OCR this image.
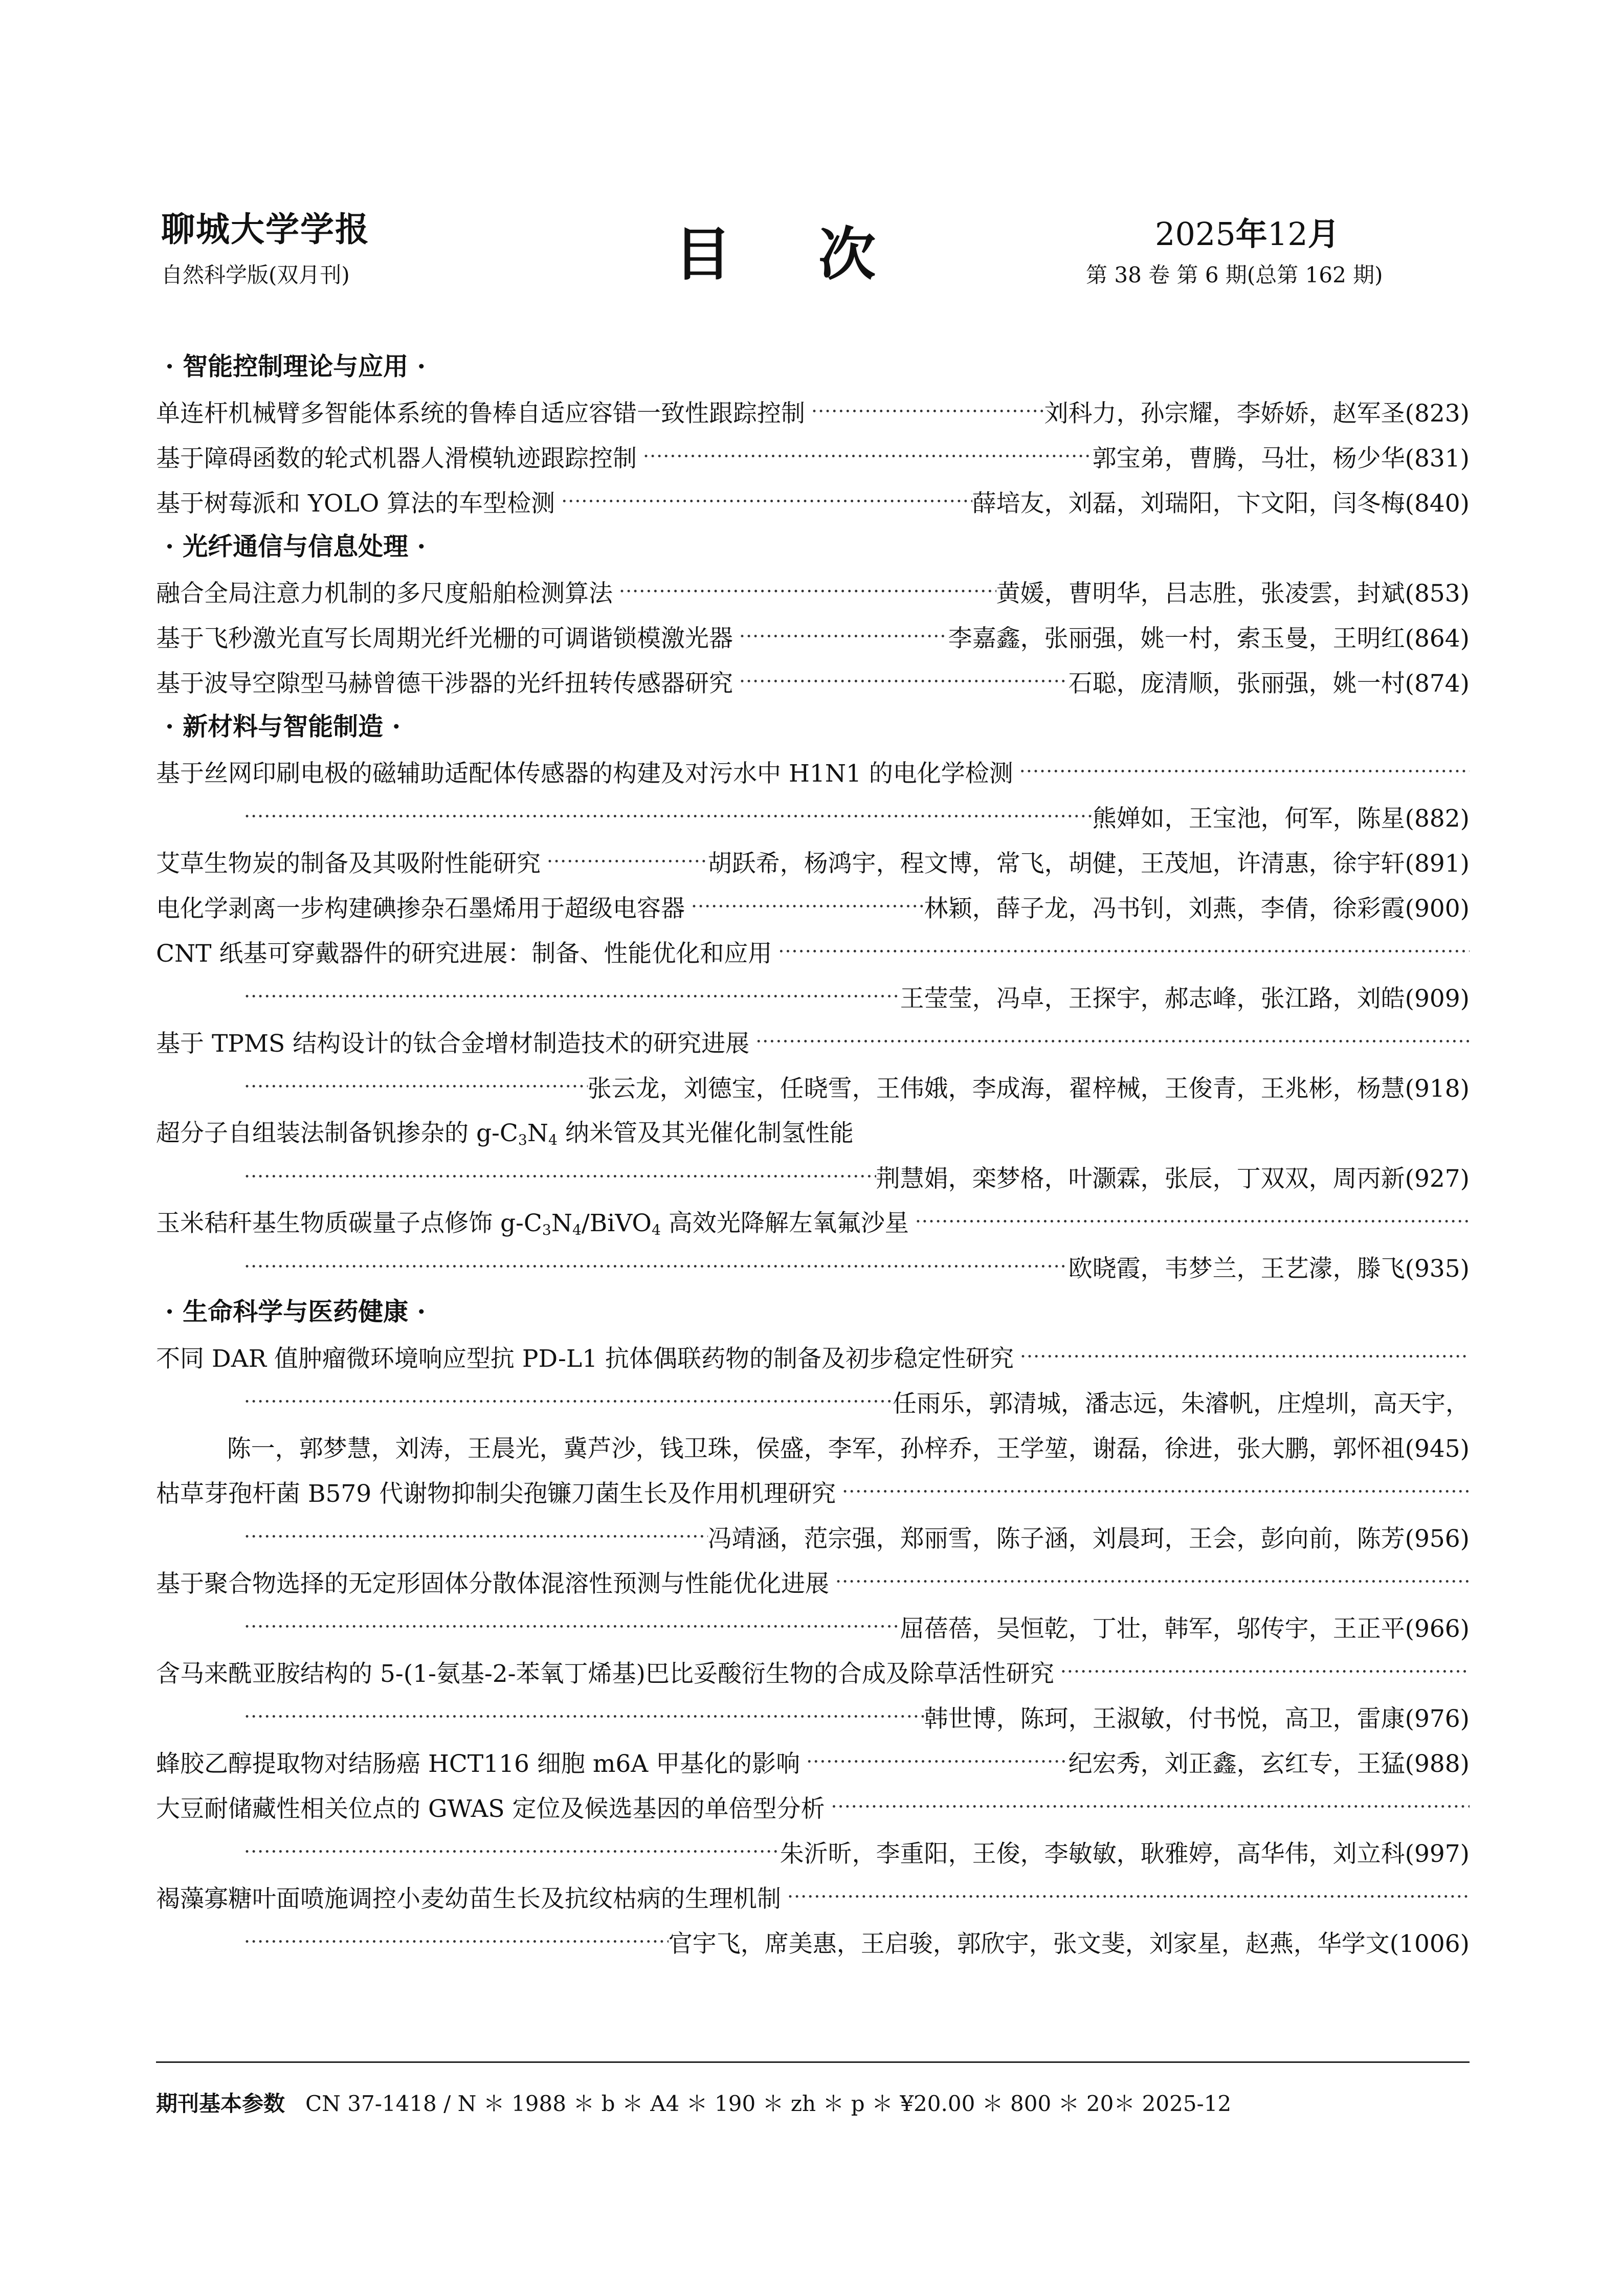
聊城大学学报
自然科学版(双月刊)	目次	2025年12月
第 38 卷 第 6 期(总第 162 期)
· 智能控制理论与应用 ·
单连杆机械臂多智能体系统的鲁棒自适应容错一致性跟踪控制 ·····	刘科力，孙宗耀，李娇娇，赵军圣(823)
基于障碍函数的轮式机器人滑模轨迹跟踪控制 ·····	郭宝弟，曹腾，马壮，杨少华(831)
基于树莓派和 YOLO 算法的车型检测 ·····	薛培友，刘磊，刘瑞阳，卞文阳，闫冬梅(840)
· 光纤通信与信息处理 ·
融合全局注意力机制的多尺度船舶检测算法 ·····	黄媛，曹明华，吕志胜，张凌雲，封斌(853)
基于飞秒激光直写长周期光纤光栅的可调谐锁模激光器 ·····	李嘉鑫，张丽强，姚一村，索玉曼，王明红(864)
基于波导空隙型马赫曾德干涉器的光纤扭转传感器研究 ·····	石聪，庞清顺，张丽强，姚一村(874)
· 新材料与智能制造 ·
基于丝网印刷电极的磁辅助适配体传感器的构建及对污水中 H1N1 的电化学检测
·····
·····
熊婵如，王宝池，何军，陈星(882)
艾草生物炭的制备及其吸附性能研究 ·····	胡跃希，杨鸿宇，程文博，常飞，胡健，王茂旭，许清惠，徐宇轩(891)
电化学剥离一步构建碘掺杂石墨烯用于超级电容器 ·····	林颖，薛子龙，冯书钊，刘燕，李倩，徐彩霞(900)
CNT 纸基可穿戴器件的研究进展：制备、性能优化和应用
·····
·····
王莹莹，冯卓，王探宇，郝志峰，张江路，刘皓(909)
基于 TPMS 结构设计的钛合金增材制造技术的研究进展
·····
·····
张云龙，刘德宝，任晓雪，王伟娥，李成海，翟梓械，王俊青，王兆彬，杨慧(918)
超分子自组装法制备钒掺杂的 $g-C_3N_4$ 纳米管及其光催化制氢性能
·····
荆慧娟，栾梦格，叶灏霖，张辰，丁双双，周丙新(927)
玉米秸秆基生物质碳量子点修饰 $g-C_3N_4/BiVO_4$ 高效光降解左氧氟沙星
·····
·····
欧晓霞，韦梦兰，王艺濛，滕飞(935)
· 生命科学与医药健康 ·
不同 DAR 值肿瘤微环境响应型抗 PD-L1 抗体偶联药物的制备及初步稳定性研究
·····
·····
任雨乐，郭清城，潘志远，朱濬帆，庄煌圳，高天宇，
陈一，郭梦慧，刘涛，王晨光，冀芦沙，钱卫珠，侯盛，李军，孙梓乔，王学堃，谢磊，徐进，张大鹏，郭怀祖(945)
枯草芽孢杆菌 B579 代谢物抑制尖孢镰刀菌生长及作用机理研究
·····
·····
冯靖涵，范宗强，郑丽雪，陈子涵，刘晨珂，王会，彭向前，陈芳(956)
基于聚合物选择的无定形固体分散体混溶性预测与性能优化进展
·····
·····
屈蓓蓓，吴恒乾，丁壮，韩军，邬传宇，王正平(966)
含马来酰亚胺结构的 5-(1-氨基-2-苯氧丁烯基)巴比妥酸衍生物的合成及除草活性研究
·····
·····
韩世博，陈珂，王淑敏，付书悦，高卫，雷康(976)
蜂胶乙醇提取物对结肠癌 HCT116 细胞 m6A 甲基化的影响 ·····	纪宏秀，刘正鑫，玄红专，王猛(988)
大豆耐储藏性相关位点的 GWAS 定位及候选基因的单倍型分析
·····
·····
朱沂昕，李重阳，王俊，李敏敏，耿雅婷，高华伟，刘立科(997)
褐藻寡糖叶面喷施调控小麦幼苗生长及抗纹枯病的生理机制
·····
·····
官宇飞，席美惠，王启骏，郭欣宇，张文斐，刘家星，赵燕，华学文(1006)
期刊基本参数 CN 37-1418 / N ＊ 1988 ＊ b ＊ A4 ＊ 190 ＊ zh ＊ p ＊ ¥20.00 ＊ 800 ＊ 20＊ 2025-12
